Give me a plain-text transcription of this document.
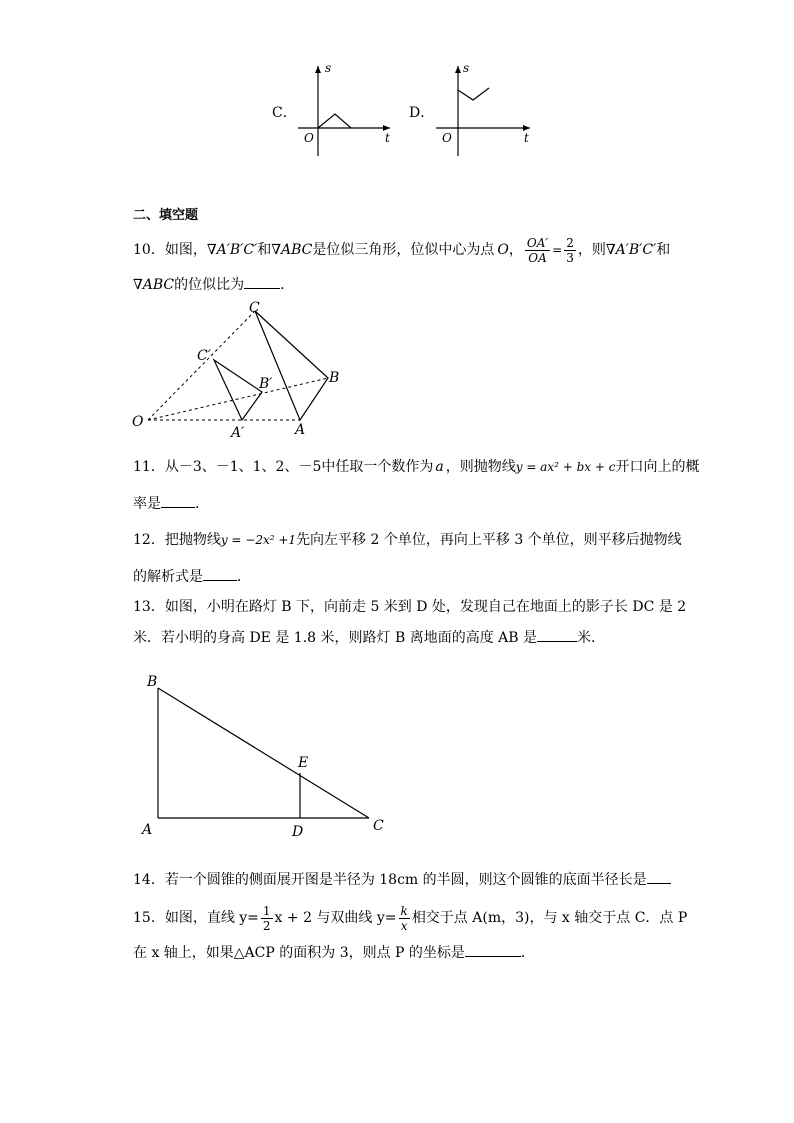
C．
s
t
O
D．
s
t
O
二、填空题
10．如图， ∇A′B′C′ 和 ∇ABC 是位似三角形，位似中心为点 O ， $\frac{OA'}{OA} = \frac{2}{3}$ ，则 ∇A′B′C′ 和
∇ABC的位似比为	．
O
A′	A
B′	B
C′
C
11．从－3、－1、1、2、－5中任取一个数作为 a ，则抛物线y = ax² + bx + c开口向上的概
率是 ．
12．把抛物线y = −2x² +1先向左平移 2 个单位，再向上平移 3 个单位，则平移后抛物线
的解析式是 ．
13．如图，小明在路灯 B 下，向前走 5 米到 D 处，发现自己在地面上的影子长 DC 是 2
米．若小明的身高 DE 是 1.8 米，则路灯 B 离地面的高度 AB 是	米．
B
E
A	D	C
14．若一个圆锥的侧面展开图是半径为 18cm 的半圆，则这个圆锥的底面半径长是
15．如图，直线 $y= \frac{1}{2}$ x + 2 与双曲线 $y= \frac{k}{x}$ 相交于点 A(m，3)，与 x 轴交于点 C．点 P
在 x 轴上，如果△ACP 的面积为 3，则点 P 的坐标是	．
